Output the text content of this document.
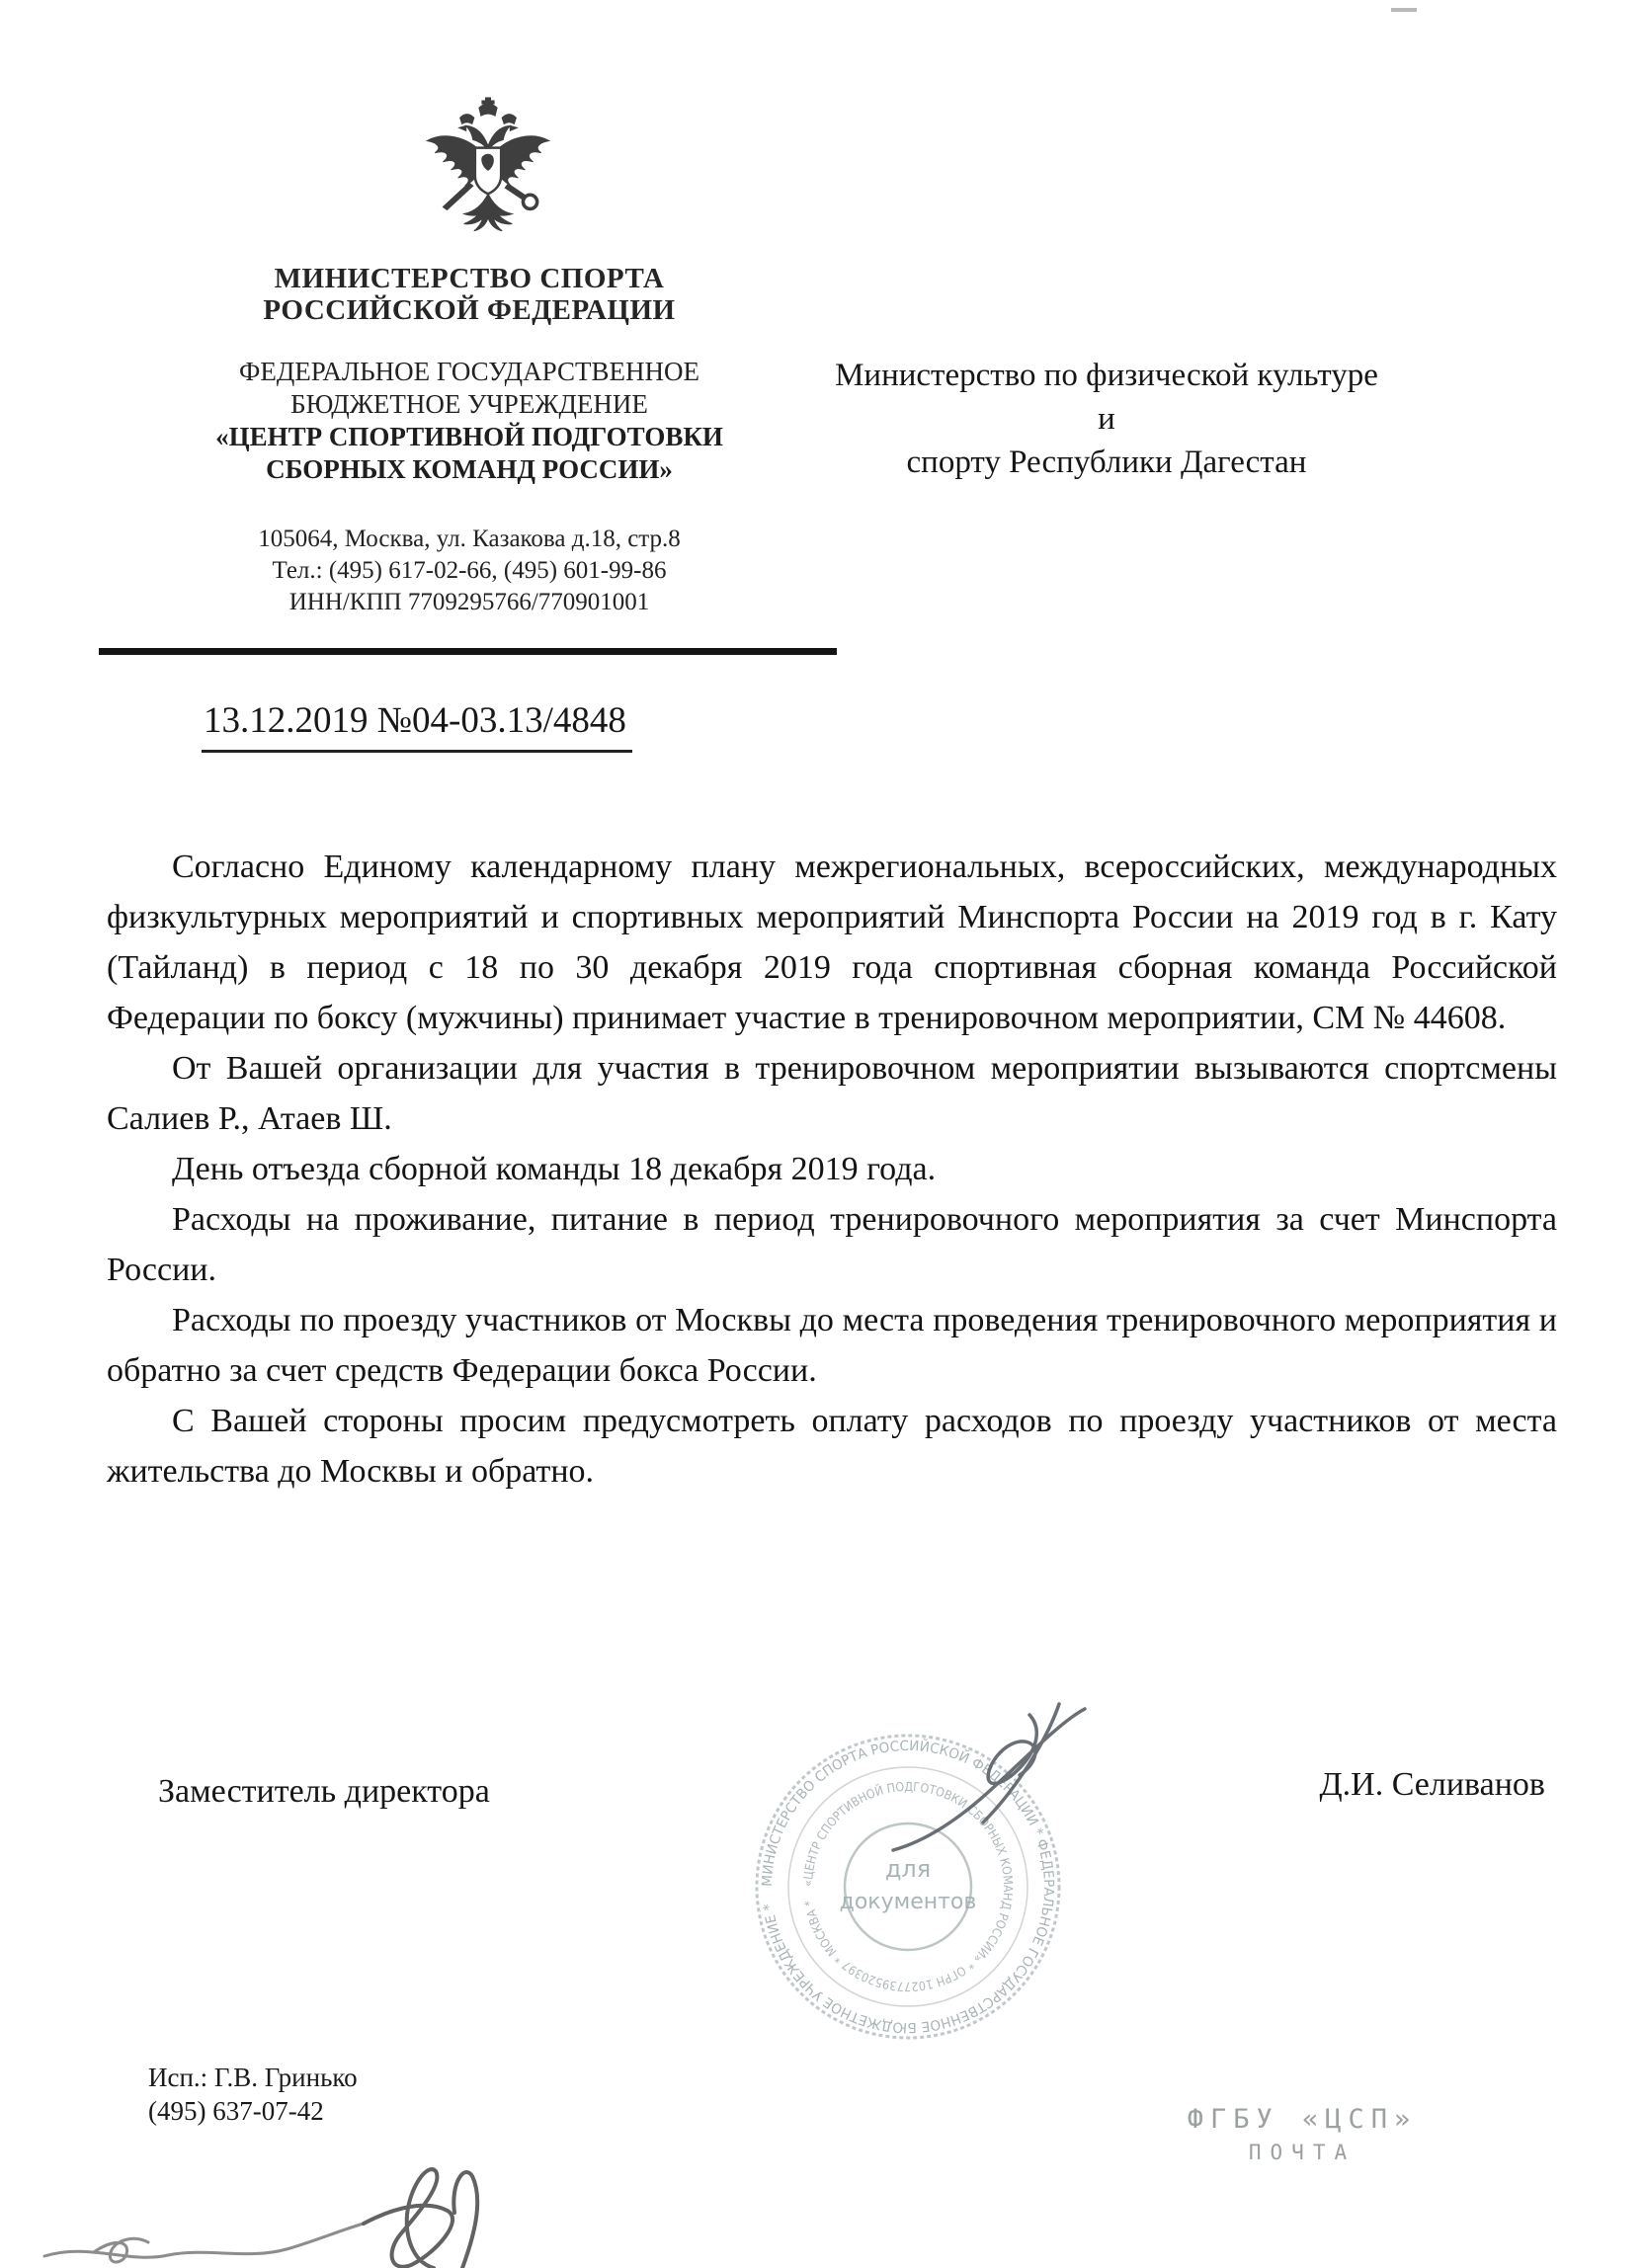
МИНИСТЕРСТВО СПОРТА
РОССИЙСКОЙ ФЕДЕРАЦИИ
ФЕДЕРАЛЬНОЕ ГОСУДАРСТВЕННОЕ
БЮДЖЕТНОЕ УЧРЕЖДЕНИЕ
«ЦЕНТР СПОРТИВНОЙ ПОДГОТОВКИ
СБОРНЫХ КОМАНД РОССИИ»
105064, Москва, ул. Казакова д.18, стр.8
Тел.: (495) 617-02-66, (495) 601-99-86
ИНН/КПП 7709295766/770901001
Министерство по физической культуре и
спорту Республики Дагестан
13.12.2019 №04-03.13/4848

Согласно Единому календарному плану межрегиональных, всероссийских, международных физкультурных мероприятий и спортивных мероприятий Минспорта России на 2019 год в г. Кату (Тайланд) в период с 18 по 30 декабря 2019 года спортивная сборная команда Российской Федерации по боксу (мужчины) принимает участие в тренировочном мероприятии, СМ № 44608.

От Вашей организации для участия в тренировочном мероприятии вызываются спортсмены Салиев Р., Атаев Ш.

День отъезда сборной команды 18 декабря 2019 года.

Расходы на проживание, питание в период тренировочного мероприятия за счет Минспорта России.

Расходы по проезду участников от Москвы до места проведения тренировочного мероприятия и обратно за счет средств Федерации бокса России.

С Вашей стороны просим предусмотреть оплату расходов по проезду участников от места жительства до Москвы и обратно.

Заместитель директора	Д.И. Селиванов
МИНИСТЕРСТВО СПОРТА РОССИЙСКОЙ ФЕДЕРАЦИИ * ФЕДЕРАЛЬНОЕ ГОСУДАРСТВЕННОЕ БЮДЖЕТНОЕ УЧРЕЖДЕНИЕ *
«ЦЕНТР СПОРТИВНОЙ ПОДГОТОВКИ СБОРНЫХ КОМАНД РОССИИ» * ОГРН 1027739520397 * МОСКВА *
для
документов
Исп.: Г.В. Гринько
(495) 637-07-42	ФГБУ «ЦСП»
ПОЧТА
